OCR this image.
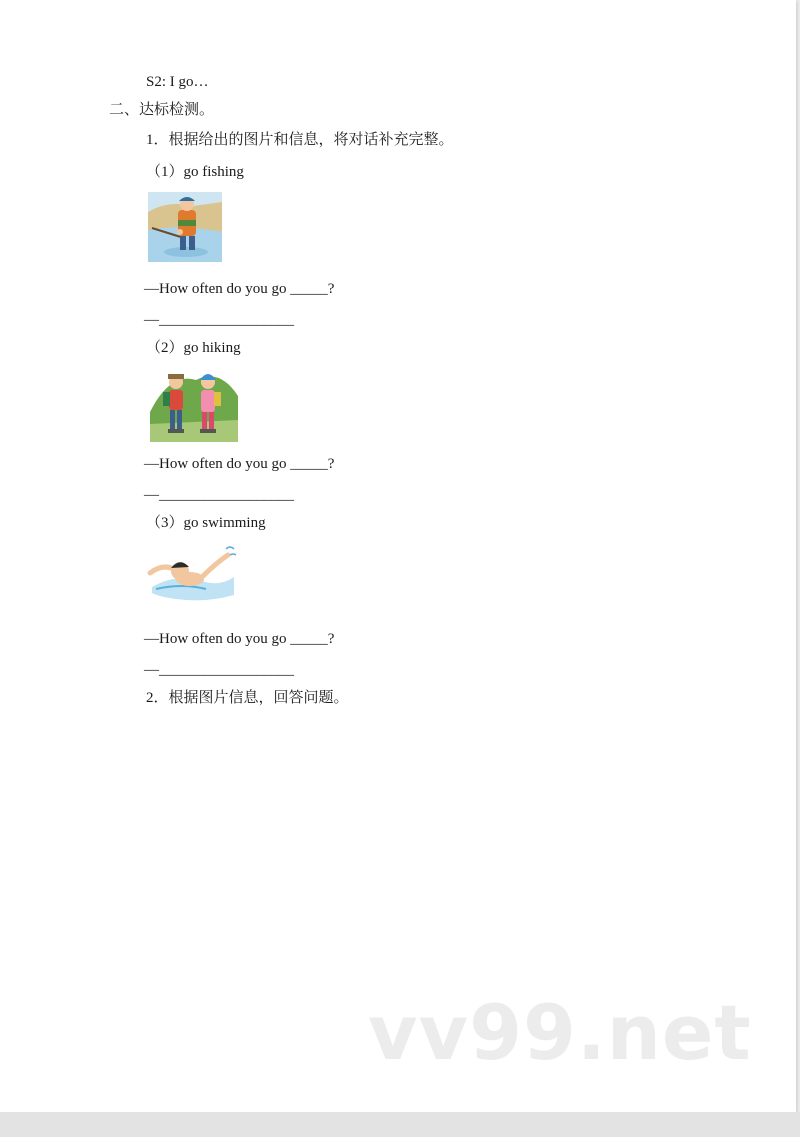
S2: I go…
二、达标检测。
1．根据给出的图片和信息，将对话补充完整。
（1）go fishing
—How often do you go _____?
—__________________
（2）go hiking
—How often do you go _____?
—__________________
（3）go swimming
—How often do you go _____?
—__________________
2．根据图片信息，回答问题。
vv99.net
